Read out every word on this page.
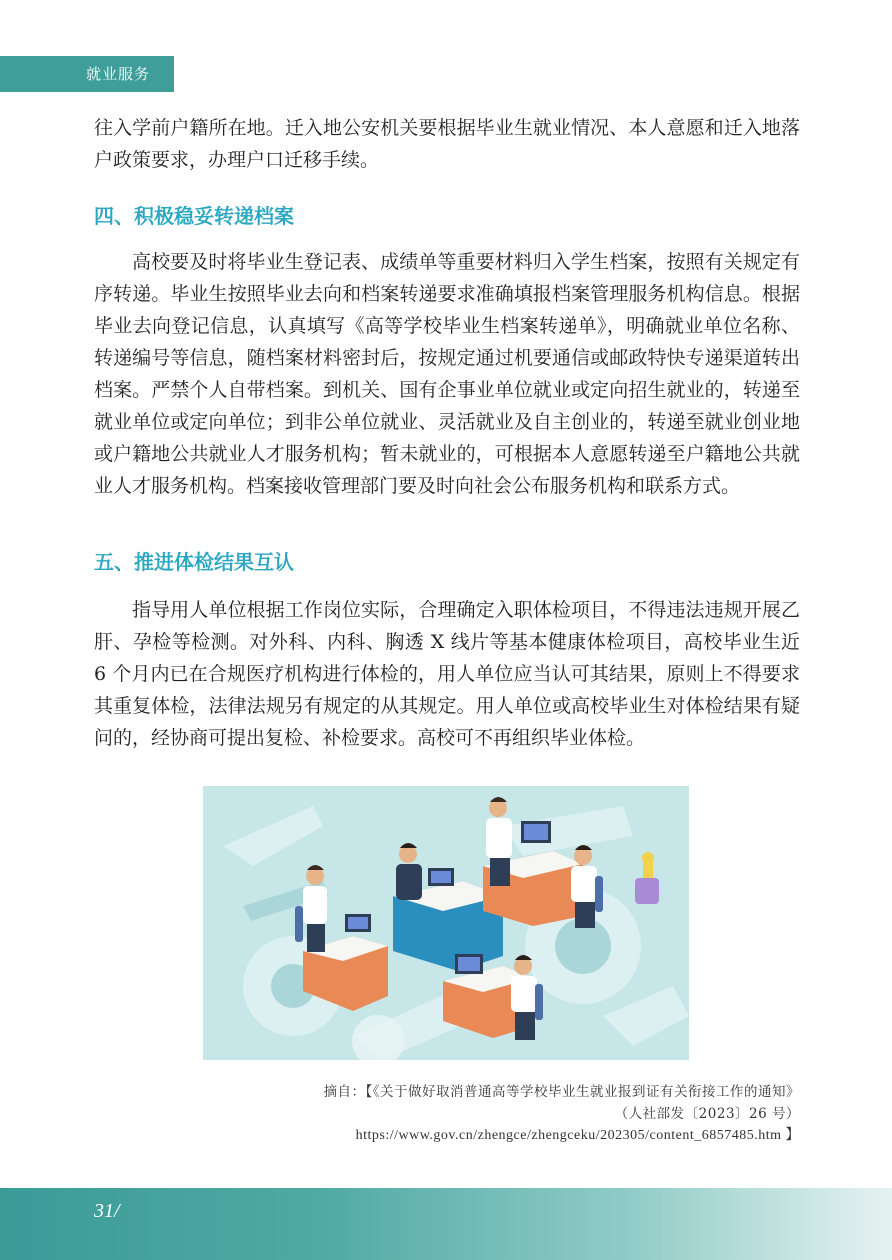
就业服务

往入学前户籍所在地。迁入地公安机关要根据毕业生就业情况、本人意愿和迁入地落户政策要求，办理户口迁移手续。

四、积极稳妥转递档案

高校要及时将毕业生登记表、成绩单等重要材料归入学生档案，按照有关规定有序转递。毕业生按照毕业去向和档案转递要求准确填报档案管理服务机构信息。根据毕业去向登记信息，认真填写《高等学校毕业生档案转递单》，明确就业单位名称、转递编号等信息，随档案材料密封后，按规定通过机要通信或邮政特快专递渠道转出档案。严禁个人自带档案。到机关、国有企事业单位就业或定向招生就业的，转递至就业单位或定向单位；到非公单位就业、灵活就业及自主创业的，转递至就业创业地或户籍地公共就业人才服务机构；暂未就业的，可根据本人意愿转递至户籍地公共就业人才服务机构。档案接收管理部门要及时向社会公布服务机构和联系方式。

五、推进体检结果互认

指导用人单位根据工作岗位实际，合理确定入职体检项目，不得违法违规开展乙肝、孕检等检测。对外科、内科、胸透 X 线片等基本健康体检项目，高校毕业生近 6 个月内已在合规医疗机构进行体检的，用人单位应当认可其结果，原则上不得要求其重复体检，法律法规另有规定的从其规定。用人单位或高校毕业生对体检结果有疑问的，经协商可提出复检、补检要求。高校可不再组织毕业体检。

摘自：【《关于做好取消普通高等学校毕业生就业报到证有关衔接工作的通知》
（人社部发〔2023〕26 号）
https://www.gov.cn/zhengce/zhengceku/202305/content_6857485.htm 】
31/
